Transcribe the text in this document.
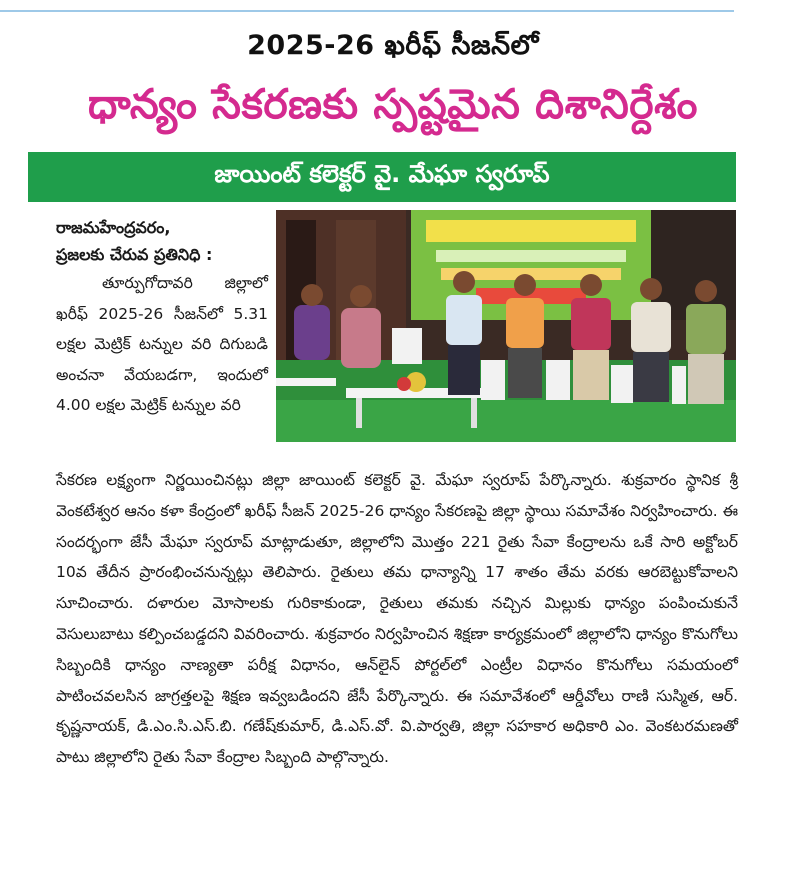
2025-26 ఖరీఫ్ సీజన్‌లో
ధాన్యం సేకరణకు స్పష్టమైన దిశానిర్దేశం
జాయింట్ కలెక్టర్ వై. మేఘా స్వరూప్
రాజమహేంద్రవరం,
ప్రజలకు చేరువ ప్రతినిధి :

తూర్పుగోదావరి జిల్లాలో ఖరీఫ్ 2025-26 సీజన్‌లో 5.31 లక్షల మెట్రిక్ టన్నుల వరి దిగుబడి అంచనా వేయబడగా, ఇందులో 4.00 లక్షల మెట్రిక్ టన్నుల వరి

సేకరణ లక్ష్యంగా నిర్ణయించినట్లు జిల్లా జాయింట్ కలెక్టర్ వై. మేఘా స్వరూప్ పేర్కొన్నారు. శుక్రవారం స్థానిక శ్రీ వెంకటేశ్వర ఆనం కళా కేంద్రంలో ఖరీఫ్ సీజన్ 2025-26 ధాన్యం సేకరణపై జిల్లా స్థాయి సమావేశం నిర్వహించారు. ఈ సందర్భంగా జేసీ మేఘా స్వరూప్ మాట్లాడుతూ, జిల్లాలోని మొత్తం 221 రైతు సేవా కేంద్రాలను ఒకే సారి అక్టోబర్ 10వ తేదీన ప్రారంభించనున్నట్లు తెలిపారు. రైతులు తమ ధాన్యాన్ని 17 శాతం తేమ వరకు ఆరబెట్టుకోవాలని సూచించారు. దళారుల మోసాలకు గురికాకుండా, రైతులు తమకు నచ్చిన మిల్లుకు ధాన్యం పంపించుకునే వెసులుబాటు కల్పించబడ్డదని వివరించారు. శుక్రవారం నిర్వహించిన శిక్షణా కార్యక్రమంలో జిల్లాలోని ధాన్యం కొనుగోలు సిబ్బందికి ధాన్యం నాణ్యతా పరీక్ష విధానం, ఆన్‌లైన్ పోర్టల్‌లో ఎంట్రీల విధానం కొనుగోలు సమయంలో పాటించవలసిన జాగ్రత్తలపై శిక్షణ ఇవ్వబడిందని జేసీ పేర్కొన్నారు. ఈ సమావేశంలో ఆర్డీవోలు రాణి సుస్మిత, ఆర్. కృష్ణనాయక్, డి.ఎం.సి.ఎస్.బి. గణేష్‌కుమార్, డి.ఎస్.వో. వి.పార్వతి, జిల్లా సహకార అధికారి ఎం. వెంకటరమణతో పాటు జిల్లాలోని రైతు సేవా కేంద్రాల సిబ్బంది పాల్గొన్నారు.
